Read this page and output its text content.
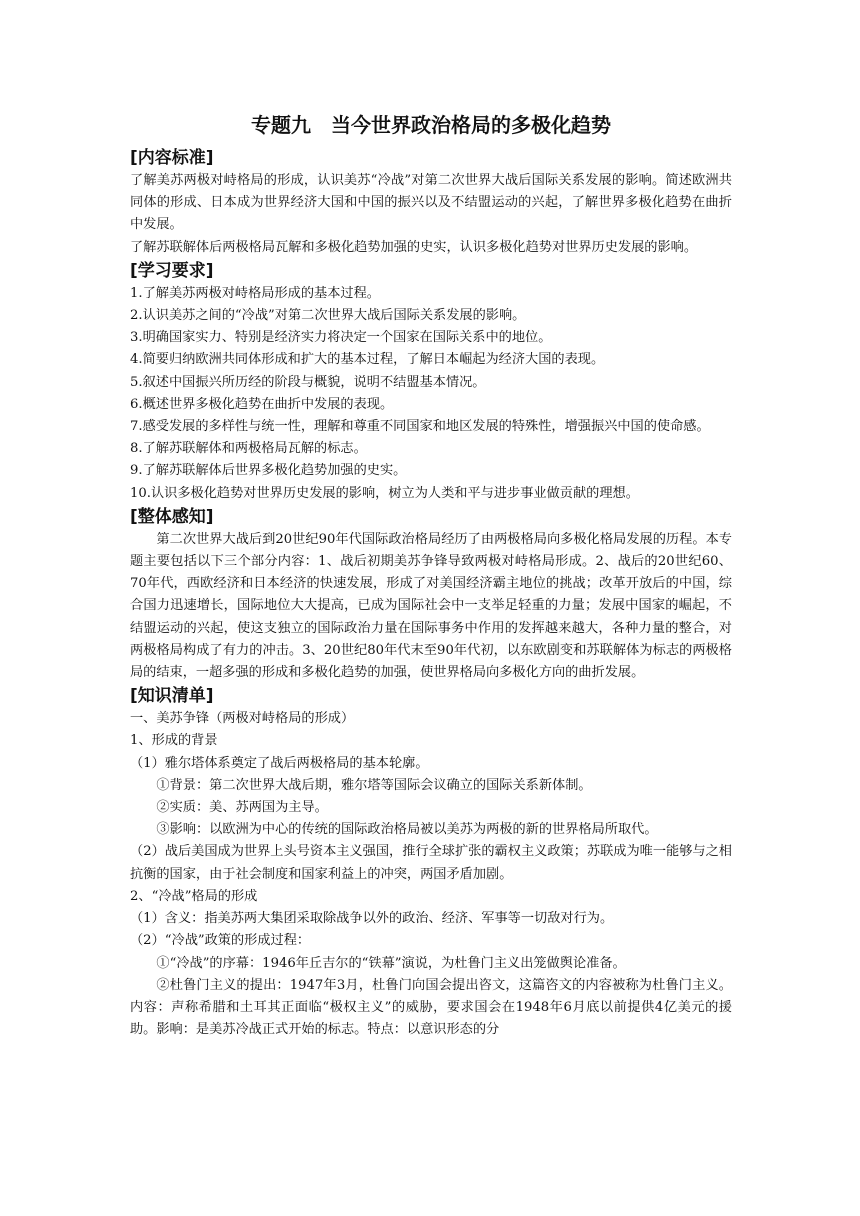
专题九　当今世界政治格局的多极化趋势
[内容标准]

了解美苏两极对峙格局的形成，认识美苏“冷战”对第二次世界大战后国际关系发展的影响。简述欧洲共同体的形成、日本成为世界经济大国和中国的振兴以及不结盟运动的兴起，了解世界多极化趋势在曲折中发展。

了解苏联解体后两极格局瓦解和多极化趋势加强的史实，认识多极化趋势对世界历史发展的影响。

[学习要求]

1.了解美苏两极对峙格局形成的基本过程。

2.认识美苏之间的“冷战”对第二次世界大战后国际关系发展的影响。

3.明确国家实力、特别是经济实力将决定一个国家在国际关系中的地位。

4.简要归纳欧洲共同体形成和扩大的基本过程，了解日本崛起为经济大国的表现。

5.叙述中国振兴所历经的阶段与概貌，说明不结盟基本情况。

6.概述世界多极化趋势在曲折中发展的表现。

7.感受发展的多样性与统一性，理解和尊重不同国家和地区发展的特殊性，增强振兴中国的使命感。

8.了解苏联解体和两极格局瓦解的标志。

9.了解苏联解体后世界多极化趋势加强的史实。

10.认识多极化趋势对世界历史发展的影响，树立为人类和平与进步事业做贡献的理想。

[整体感知]

第二次世界大战后到20世纪90年代国际政治格局经历了由两极格局向多极化格局发展的历程。本专题主要包括以下三个部分内容：1、战后初期美苏争锋导致两极对峙格局形成。2、战后的20世纪60、70年代，西欧经济和日本经济的快速发展，形成了对美国经济霸主地位的挑战；改革开放后的中国，综合国力迅速增长，国际地位大大提高，已成为国际社会中一支举足轻重的力量；发展中国家的崛起，不结盟运动的兴起，使这支独立的国际政治力量在国际事务中作用的发挥越来越大，各种力量的整合，对两极格局构成了有力的冲击。3、20世纪80年代末至90年代初，以东欧剧变和苏联解体为标志的两极格局的结束，一超多强的形成和多极化趋势的加强，使世界格局向多极化方向的曲折发展。

[知识清单]

一、美苏争锋（两极对峙格局的形成）

1、形成的背景

（1）雅尔塔体系奠定了战后两极格局的基本轮廓。

①背景：第二次世界大战后期，雅尔塔等国际会议确立的国际关系新体制。

②实质：美、苏两国为主导。

③影响：以欧洲为中心的传统的国际政治格局被以美苏为两极的新的世界格局所取代。

（2）战后美国成为世界上头号资本主义强国，推行全球扩张的霸权主义政策；苏联成为唯一能够与之相抗衡的国家，由于社会制度和国家利益上的冲突，两国矛盾加剧。

2、“冷战”格局的形成

（1）含义：指美苏两大集团采取除战争以外的政治、经济、军事等一切敌对行为。

（2）“冷战”政策的形成过程：

①“冷战”的序幕：1946年丘吉尔的“铁幕”演说，为杜鲁门主义出笼做舆论准备。

②杜鲁门主义的提出：1947年3月，杜鲁门向国会提出咨文，这篇咨文的内容被称为杜鲁门主义。内容：声称希腊和土耳其正面临“极权主义”的威胁，要求国会在1948年6月底以前提供4亿美元的援助。影响：是美苏冷战正式开始的标志。特点：以意识形态的分
